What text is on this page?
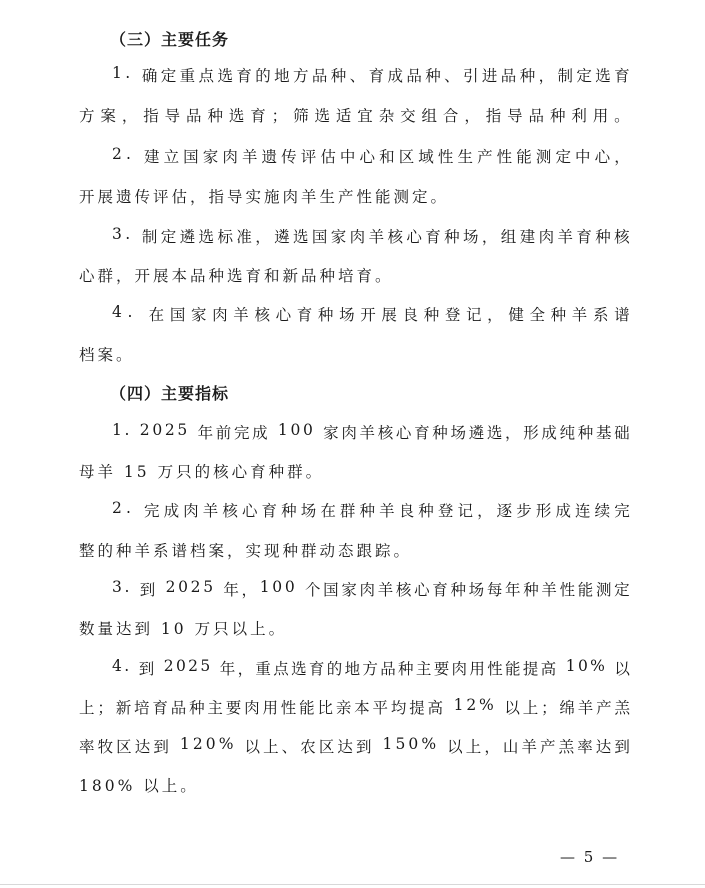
（三）主要任务
1 .
确 定 重 点 选 育 的 地 方 品 种 、 育 成 品 种 、 引 进 品 种 ， 制 定 选 育
方 案 ， 指 导 品 种 选 育 ； 筛 选 适 宜 杂 交 组 合 ， 指 导 品 种 利 用 。
2 .
建 立 国 家 肉 羊 遗 传 评 估 中 心 和 区 域 性 生 产 性 能 测 定 中 心 ，
开展遗传评估，指导实施肉羊生产性能测定。
3 .
制 定 遴 选 标 准 ， 遴 选 国 家 肉 羊 核 心 育 种 场 ， 组 建 肉 羊 育 种 核
心群，开展本品种选育和新品种培育。
4 .
在 国 家 肉 羊 核 心 育 种 场 开 展 良 种 登 记 ， 健 全 种 羊 系 谱
档案。
（四）主要指标
1 .
2 0 2 5
年 前 完 成
1 0 0
家 肉 羊 核 心 育 种 场 遴 选 ， 形 成 纯 种 基 础
母羊 15 万只的核心育种群。
2 .
完 成 肉 羊 核 心 育 种 场 在 群 种 羊 良 种 登 记 ， 逐 步 形 成 连 续 完
整的种羊系谱档案，实现种群动态跟踪。
3 .
到
2 0 2 5
年 ， 1 0 0
个 国 家 肉 羊 核 心 育 种 场 每 年 种 羊 性 能 测 定
数量达到 10 万只以上。
4 .
到
2 0 2 5
年 ， 重 点 选 育 的 地 方 品 种 主 要 肉 用 性 能 提 高
1 0 %
以
上 ； 新 培 育 品 种 主 要 肉 用 性 能 比 亲 本 平 均 提 高
1 2 %
以 上 ； 绵 羊 产 羔
率 牧 区 达 到
1 2 0 %
以 上 、 农 区 达 到
1 5 0 %
以 上 ， 山 羊 产 羔 率 达 到
180% 以上。
— 5 —
